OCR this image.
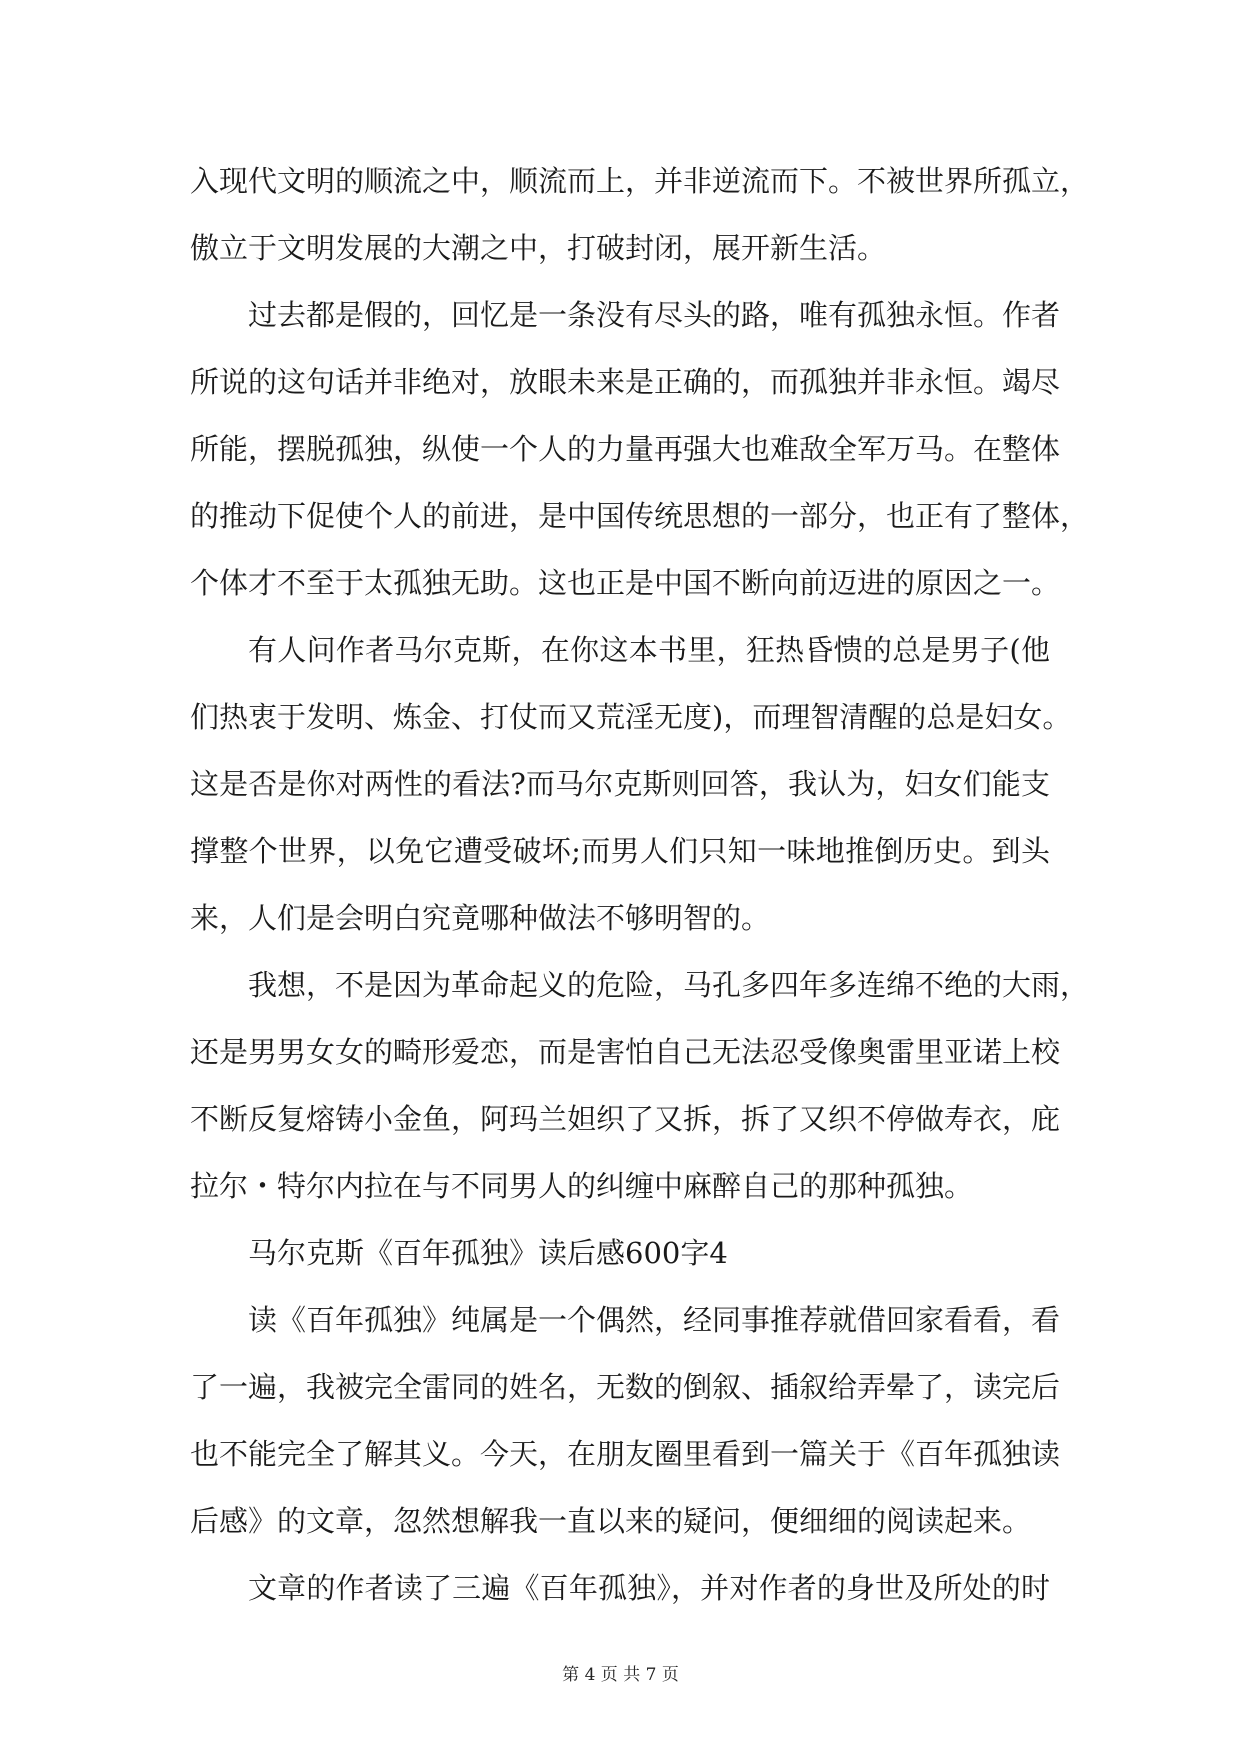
入现代文明的顺流之中，顺流而上，并非逆流而下。不被世界所孤立，
傲立于文明发展的大潮之中，打破封闭，展开新生活。
过去都是假的，回忆是一条没有尽头的路，唯有孤独永恒。作者
所说的这句话并非绝对，放眼未来是正确的，而孤独并非永恒。竭尽
所能，摆脱孤独，纵使一个人的力量再强大也难敌全军万马。在整体
的推动下促使个人的前进，是中国传统思想的一部分，也正有了整体，
个体才不至于太孤独无助。这也正是中国不断向前迈进的原因之一。
有人问作者马尔克斯，在你这本书里，狂热昏愦的总是男子(他
们热衷于发明、炼金、打仗而又荒淫无度)，而理智清醒的总是妇女。
这是否是你对两性的看法?而马尔克斯则回答，我认为，妇女们能支
撑整个世界，以免它遭受破坏;而男人们只知一味地推倒历史。到头
来，人们是会明白究竟哪种做法不够明智的。
我想，不是因为革命起义的危险，马孔多四年多连绵不绝的大雨，
还是男男女女的畸形爱恋，而是害怕自己无法忍受像奥雷里亚诺上校
不断反复熔铸小金鱼，阿玛兰妲织了又拆，拆了又织不停做寿衣，庇
拉尔・特尔内拉在与不同男人的纠缠中麻醉自己的那种孤独。
马尔克斯《百年孤独》读后感600字4
读《百年孤独》纯属是一个偶然，经同事推荐就借回家看看，看
了一遍，我被完全雷同的姓名，无数的倒叙、插叙给弄晕了，读完后
也不能完全了解其义。今天，在朋友圈里看到一篇关于《百年孤独读
后感》的文章，忽然想解我一直以来的疑问，便细细的阅读起来。
文章的作者读了三遍《百年孤独》，并对作者的身世及所处的时
第 4 页 共 7 页
